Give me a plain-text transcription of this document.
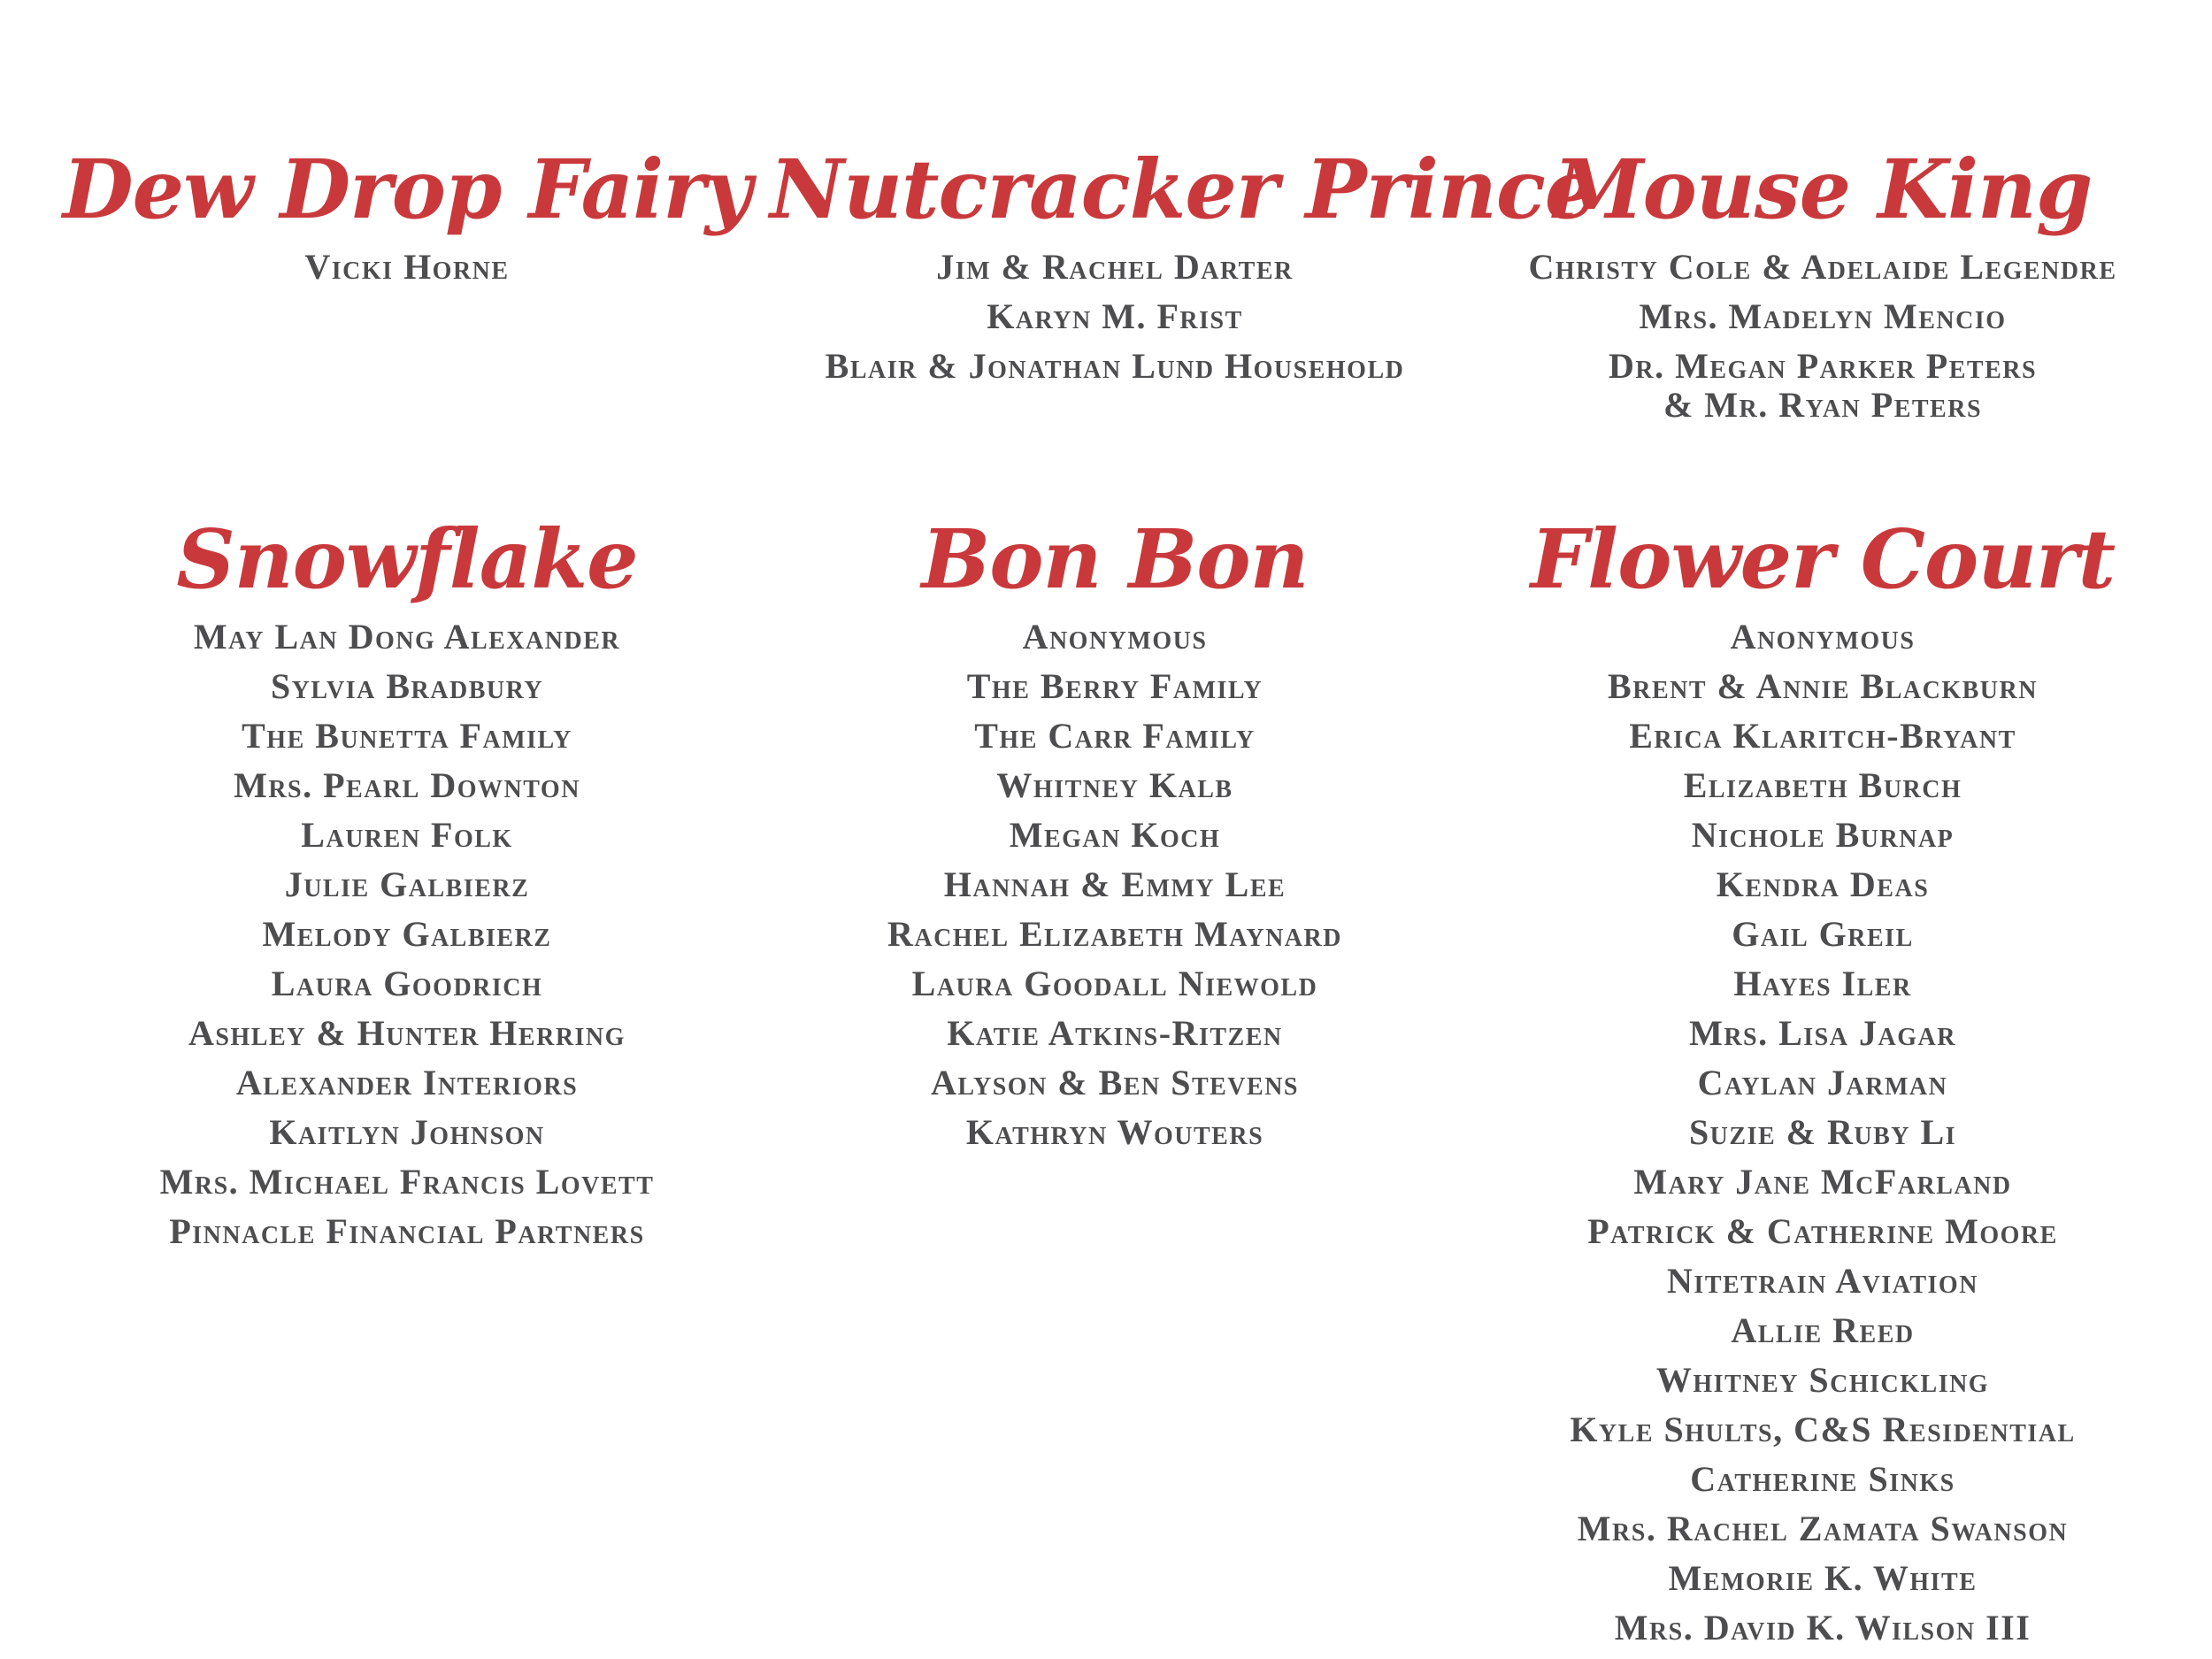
Dew Drop Fairy
Vicki Horne
Nutcracker Prince
Jim & Rachel Darter
Karyn M. Frist
Blair & Jonathan Lund Household
Mouse King
Christy Cole & Adelaide Legendre
Mrs. Madelyn Mencio
Dr. Megan Parker Peters
& Mr. Ryan Peters
Snowflake
May Lan Dong Alexander
Sylvia Bradbury
The Bunetta Family
Mrs. Pearl Downton
Lauren Folk
Julie Galbierz
Melody Galbierz
Laura Goodrich
Ashley & Hunter Herring
Alexander Interiors
Kaitlyn Johnson
Mrs. Michael Francis Lovett
Pinnacle Financial Partners
Bon Bon
Anonymous
The Berry Family
The Carr Family
Whitney Kalb
Megan Koch
Hannah & Emmy Lee
Rachel Elizabeth Maynard
Laura Goodall Niewold
Katie Atkins-Ritzen
Alyson & Ben Stevens
Kathryn Wouters
Flower Court
Anonymous
Brent & Annie Blackburn
Erica Klaritch-Bryant
Elizabeth Burch
Nichole Burnap
Kendra Deas
Gail Greil
Hayes Iler
Mrs. Lisa Jagar
Caylan Jarman
Suzie & Ruby Li
Mary Jane McFarland
Patrick & Catherine Moore
Nitetrain Aviation
Allie Reed
Whitney Schickling
Kyle Shults, C&S Residential
Catherine Sinks
Mrs. Rachel Zamata Swanson
Memorie K. White
Mrs. David K. Wilson III
